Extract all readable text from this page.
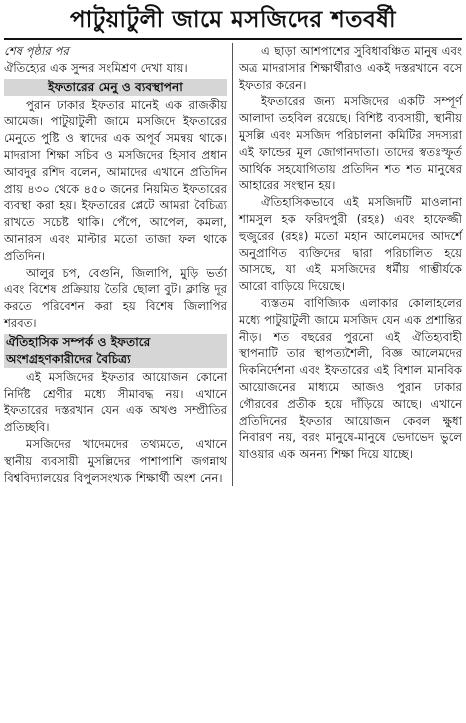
পাটুয়াটুলী জামে মসজিদের শতবর্ষী

শেষ পৃষ্ঠার পর

ঐতিহ্যের এক সুন্দর সংমিশ্রণ দেখা যায়।

ইফতারের মেনু ও ব্যবস্থাপনা

পুরান ঢাকার ইফতার মানেই এক রাজকীয় আমেজ। পাটুয়াটুলী জামে মসজিদে ইফতারের মেনুতে পুষ্টি ও স্বাদের এক অপূর্ব সমন্বয় থাকে। মাদরাসা শিক্ষা সচিব ও মসজিদের হিসাব প্রধান আবদুর রশিদ বলেন, আমাদের এখানে প্রতিদিন প্রায় ৪৩০ থেকে ৪৫০ জনের নিয়মিত ইফতারের ব্যবস্থা করা হয়। ইফতারের প্লেটে আমরা বৈচিত্র্য রাখতে সচেষ্ট থাকি। পেঁপে, আপেল, কমলা, আনারস এবং মাল্টার মতো তাজা ফল থাকে প্রতিদিন।

আলুর চপ, বেগুনি, জিলাপি, মুড়ি ভর্তা এবং বিশেষ প্রক্রিয়ায় তৈরি ছোলা বুট। ক্লান্তি দূর করতে পরিবেশন করা হয় বিশেষ জিলাপির শরবত।

ঐতিহাসিক সম্পর্ক ও ইফতারে অংশগ্রহণকারীদের বৈচিত্র্য

এই মসজিদের ইফতার আয়োজন কোনো নির্দিষ্ট শ্রেণীর মধ্যে সীমাবদ্ধ নয়। এখানে ইফতারের দস্তরখান যেন এক অখণ্ড সম্প্রীতির প্রতিচ্ছবি।

মসজিদের খাদেমদের তথ্যমতে, এখানে স্থানীয় ব্যবসায়ী মুসল্লিদের পাশাপাশি জগন্নাথ বিশ্ববিদ্যালয়ের বিপুলসংখ্যক শিক্ষার্থী অংশ নেন।

এ ছাড়া আশপাশের সুবিধাবঞ্চিত মানুষ এবং অত্র মাদরাসার শিক্ষার্থীরাও একই দস্তরখানে বসে ইফতার করেন।

ইফতারের জন্য মসজিদের একটি সম্পূর্ণ আলাদা তহবিল রয়েছে। বিশিষ্ট ব্যবসায়ী, স্থানীয় মুসল্লি এবং মসজিদ পরিচালনা কমিটির সদস্যরা এই ফান্ডের মূল জোগানদাতা। তাদের স্বতঃস্ফূর্ত আর্থিক সহযোগিতায় প্রতিদিন শত শত মানুষের আহারের সংস্থান হয়।

ঐতিহাসিকভাবে এই মসজিদটি মাওলানা শামসুল হক ফরিদপুরী (রহঃ) এবং হাফেজ্জী হুজুরের (রহঃ) মতো মহান আলেমদের আদর্শে অনুপ্রাণিত ব্যক্তিদের দ্বারা পরিচালিত হয়ে আসছে, যা এই মসজিদের ধর্মীয় গাম্ভীর্যকে আরো বাড়িয়ে দিয়েছে।

ব্যস্ততম বাণিজ্যিক এলাকার কোলাহলের মধ্যে পাটুয়াটুলী জামে মসজিদ যেন এক প্রশান্তির নীড়। শত বছরের পুরনো এই ঐতিহ্যবাহী স্থাপনাটি তার স্থাপত্যশৈলী, বিজ্ঞ আলেমদের দিকনির্দেশনা এবং ইফতারের এই বিশাল মানবিক আয়োজনের মাধ্যমে আজও পুরান ঢাকার গৌরবের প্রতীক হয়ে দাঁড়িয়ে আছে। এখানে প্রতিদিনের ইফতার আয়োজন কেবল ক্ষুধা নিবারণ নয়, বরং মানুষে-মানুষে ভেদাভেদ ভুলে যাওয়ার এক অনন্য শিক্ষা দিয়ে যাচ্ছে।
